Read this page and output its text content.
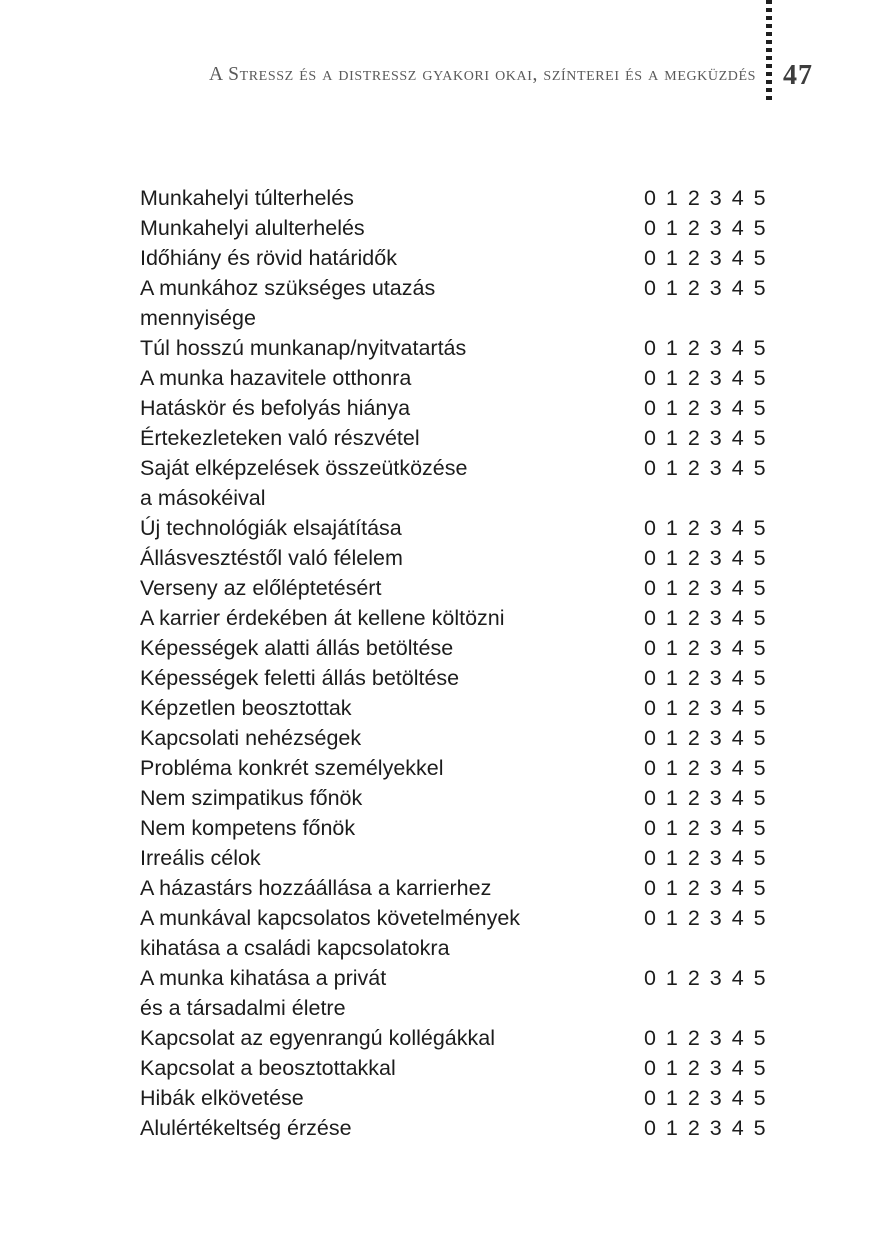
A Stressz és a distressz gyakori okai, színterei és a megküzdés 47
Munkahelyi túlterhelés	0 1 2 3 4 5
Munkahelyi alulterhelés	0 1 2 3 4 5
Időhiány és rövid határidők	0 1 2 3 4 5
A munkához szükséges utazás	0 1 2 3 4 5
mennyisége
Túl hosszú munkanap/nyitvatartás	0 1 2 3 4 5
A munka hazavitele otthonra	0 1 2 3 4 5
Hatáskör és befolyás hiánya	0 1 2 3 4 5
Értekezleteken való részvétel	0 1 2 3 4 5
Saját elképzelések összeütközése	0 1 2 3 4 5
a másokéival
Új technológiák elsajátítása	0 1 2 3 4 5
Állásvesztéstől való félelem	0 1 2 3 4 5
Verseny az előléptetésért	0 1 2 3 4 5
A karrier érdekében át kellene költözni	0 1 2 3 4 5
Képességek alatti állás betöltése	0 1 2 3 4 5
Képességek feletti állás betöltése	0 1 2 3 4 5
Képzetlen beosztottak	0 1 2 3 4 5
Kapcsolati nehézségek	0 1 2 3 4 5
Probléma konkrét személyekkel	0 1 2 3 4 5
Nem szimpatikus főnök	0 1 2 3 4 5
Nem kompetens főnök	0 1 2 3 4 5
Irreális célok	0 1 2 3 4 5
A házastárs hozzáállása a karrierhez	0 1 2 3 4 5
A munkával kapcsolatos követelmények	0 1 2 3 4 5
kihatása a családi kapcsolatokra
A munka kihatása a privát	0 1 2 3 4 5
és a társadalmi életre
Kapcsolat az egyenrangú kollégákkal	0 1 2 3 4 5
Kapcsolat a beosztottakkal	0 1 2 3 4 5
Hibák elkövetése	0 1 2 3 4 5
Alulértékeltség érzése	0 1 2 3 4 5
